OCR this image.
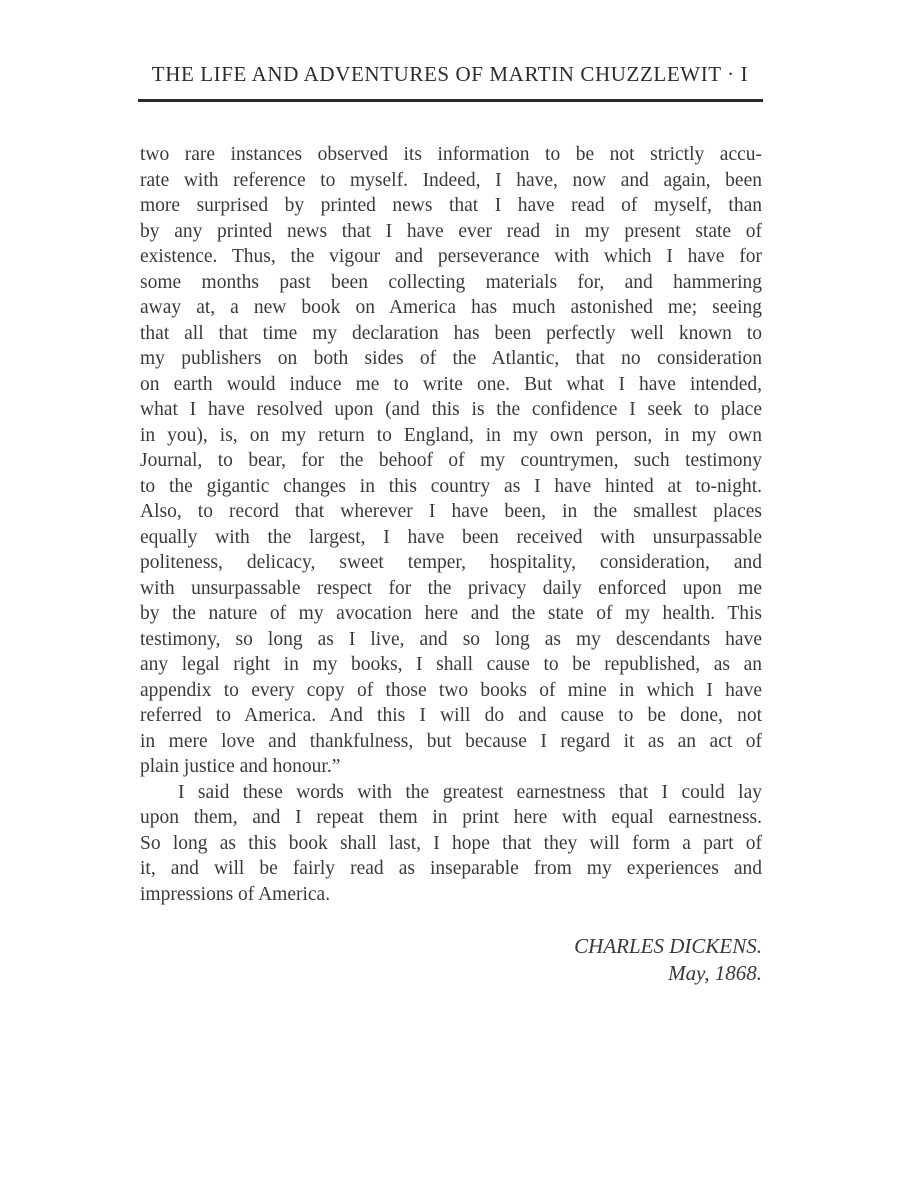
THE LIFE AND ADVENTURES OF MARTIN CHUZZLEWIT · I
two rare instances observed its information to be not strictly accu-
rate with reference to myself. Indeed, I have, now and again, been
more surprised by printed news that I have read of myself, than
by any printed news that I have ever read in my present state of
existence. Thus, the vigour and perseverance with which I have for
some months past been collecting materials for, and hammering
away at, a new book on America has much astonished me; seeing
that all that time my declaration has been perfectly well known to
my publishers on both sides of the Atlantic, that no consideration
on earth would induce me to write one. But what I have intended,
what I have resolved upon (and this is the confidence I seek to place
in you), is, on my return to England, in my own person, in my own
Journal, to bear, for the behoof of my countrymen, such testimony
to the gigantic changes in this country as I have hinted at to-night.
Also, to record that wherever I have been, in the smallest places
equally with the largest, I have been received with unsurpassable
politeness, delicacy, sweet temper, hospitality, consideration, and
with unsurpassable respect for the privacy daily enforced upon me
by the nature of my avocation here and the state of my health. This
testimony, so long as I live, and so long as my descendants have
any legal right in my books, I shall cause to be republished, as an
appendix to every copy of those two books of mine in which I have
referred to America. And this I will do and cause to be done, not
in mere love and thankfulness, but because I regard it as an act of
plain justice and honour.”
I said these words with the greatest earnestness that I could lay
upon them, and I repeat them in print here with equal earnestness.
So long as this book shall last, I hope that they will form a part of
it, and will be fairly read as inseparable from my experiences and
impressions of America.
CHARLES DICKENS.
May, 1868.
